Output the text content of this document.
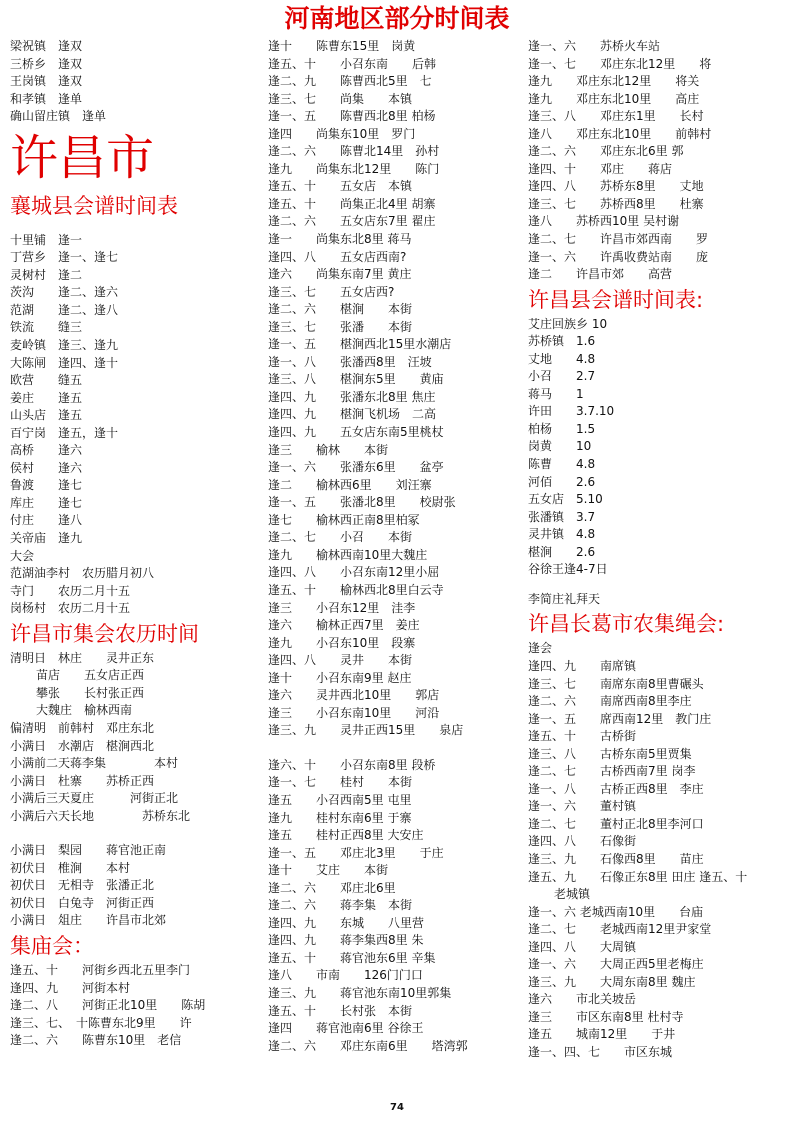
河南地区部分时间表
梁祝镇　逢双
三桥乡　逢双
王岗镇　逢双
和孝镇　逢单
确山留庄镇　逢单
许昌市
襄城县会谱时间表
十里铺　逢一
丁营乡　逢一、逢七
灵树村　逢二
茨沟　　逢二、逢六
范湖　　逢二、逢八
铁流　　缝三
麦岭镇　逢三、逢九
大陈闸　逢四、逢十
欧营　　缝五
姜庄　　逢五
山头店　逢五
百宁岗　逢五，逢十
高桥　　逢六
侯村　　逢六
鲁渡　　逢七
库庄　　逢七
付庄　　逢八
关帝庙　逢九
大会
范湖油李村　农历腊月初八
寺门　　农历二月十五
岗杨村　农历二月十五
许昌市集会农历时间
清明日　林庄　　灵井正东
苗店　　五女店正西
攀张　　长村张正西
大魏庄　榆林西南
偏清明　前韩村　邓庄东北
小满日　水潮店　椹涧西北
小满前二天蒋李集　　　　本村
小满日　杜寨　　苏桥正西
小满后三天夏庄　　　河街正北
小满后六天长地　　　　苏桥东北
小满日　梨园　　蒋官池正南
初伏日　椎涧　　本村
初伏日　无相寺　张潘正北
初伏日　白兔寺　河街正西
小满日　俎庄　　许昌市北郊
集庙会：
逢五、十　　河街乡西北五里李门
逢四、九　　河街本村
逢二、八　　河街正北10里　　陈胡
逢三、七、　十陈曹东北9里　　许
逢二、六　　陈曹东10里　老信
逢十　　陈曹东15里　岗黄
逢五、十　　小召东南　　后韩
逢二、九　　陈曹西北5里　七
逢三、七　　尚集　　本镇
逢一、五　　陈曹西北8里 柏杨
逢四　　尚集东10里　罗门
逢二、六　　陈曹北14里　孙村
逢九　　尚集东北12里　　陈门
逢五、十　　五女店　本镇
逢五、十　　尚集正北4里 胡寨
逢二、六　　五女店东7里 翟庄
逢一　　尚集东北8里 蒋马
逢四、八　　五女店西南?
逢六　　尚集东南7里 黄庄
逢三、七　　五女店西?
逢二、六　　椹涧　　本街
逢三、七　　张潘　　本街
逢一、五　　椹涧西北15里水潮店
逢一、八　　张潘西8里　汪坡
逢三、八　　椹涧东5里　　黄庙
逢四、九　　张潘东北8里 焦庄
逢四、九　　椹涧飞机场　二高
逢四、九　　五女店东南5里桃杖
逢三　　榆林　　本街
逢一、六　　张潘东6里　　盆亭
逢二　　榆林西6里　　刘汪寨
逢一、五　　张潘北8里　　校尉张
逢七　　榆林西正南8里柏冢
逢二、七　　小召　　本街
逢九　　榆林西南10里大魏庄
逢四、八　　小召东南12里小屈
逢五、十　　榆林西北8里白云寺
逢三　　小召东12里　洼李
逢六　　榆林正西7里　姜庄
逢九　　小召东10里　段寨
逢四、八　　灵井　　本街
逢十　　小召东南9里 赵庄
逢六　　灵井西北10里　　郭店
逢三　　小召东南10里　　河沿
逢三、九　　灵井正西15里　　泉店
逢六、十　　小召东南8里 段桥
逢一、七　　桂村　　本街
逢五　　小召西南5里 屯里
逢九　　桂村东南6里 于寨
逢五　　桂村正西8里 大安庄
逢一、五　　邓庄北3里　　于庄
逢十　　艾庄　　本街
逢二、六　　邓庄北6里
逢二、六　　蒋李集　本街
逢四、九　　东城　　八里营
逢四、九　　蒋李集西8里 朱
逢五、十　　蒋官池东6里 辛集
逢八　　市南　　126门门口
逢三、九　　蒋官池东南10里郭集
逢五、十　　长村张　本街
逢四　　蒋官池南6里 谷徐王
逢二、六　　邓庄东南6里　　塔湾郭
逢一、六　　苏桥火车站
逢一、七　　邓庄东北12里　　将
逢九　　邓庄东北12里　　将关
逢九　　邓庄东北10里　　高庄
逢三、八　　邓庄东1里　　长村
逢八　　邓庄东北10里　　前韩村
逢二、六　　邓庄东北6里 郭
逢四、十　　邓庄　　蒋店
逢四、八　　苏桥东8里　　丈地
逢三、七　　苏桥西8里　　杜寨
逢八　　苏桥西10里 吴村谢
逢二、七　　许昌市郊西南　　罗
逢一、六　　许禹收费站南　　庞
逢二　　许昌市郊　　高营
许昌县会谱时间表:
艾庄回族乡 10
苏桥镇　1.6
丈地　　4.8
小召　　2.7
蒋马　　1
许田　　3.7.10
柏杨　　1.5
岗黄　　10
陈曹　　4.8
河佰　　2.6
五女店　5.10
张潘镇　3.7
灵井镇　4.8
椹涧　　2.6
谷徐王逢4-7日
李简庄礼拜天
许昌长葛市农集绳会:
逢会
逢四、九　　南席镇
逢三、七　　南席东南8里曹碾头
逢二、六　　南席西南8里李庄
逢一、五　　席西南12里　教门庄
逢五、十　　古桥街
逢三、八　　古桥东南5里贾集
逢二、七　　古桥西南7里 岗李
逢一、八　　古桥正西8里　李庄
逢一、六　　董村镇
逢二、七　　董村正北8里李河口
逢四、八　　石像街
逢三、九　　石像西8里　　苗庄
逢五、九　　石像正东8里 田庄 逢五、十
老城镇
逢一、六 老城西南10里　　台庙
逢二、七　　老城西南12里尹家堂
逢四、八　　大周镇
逢一、六　　大周正西5里老梅庄
逢三、九　　大周东南8里 魏庄
逢六　　市北关坡岳
逢三　　市区东南8里 杜村寺
逢五　　城南12里　　于井
逢一、四、七　　市区东城
74
